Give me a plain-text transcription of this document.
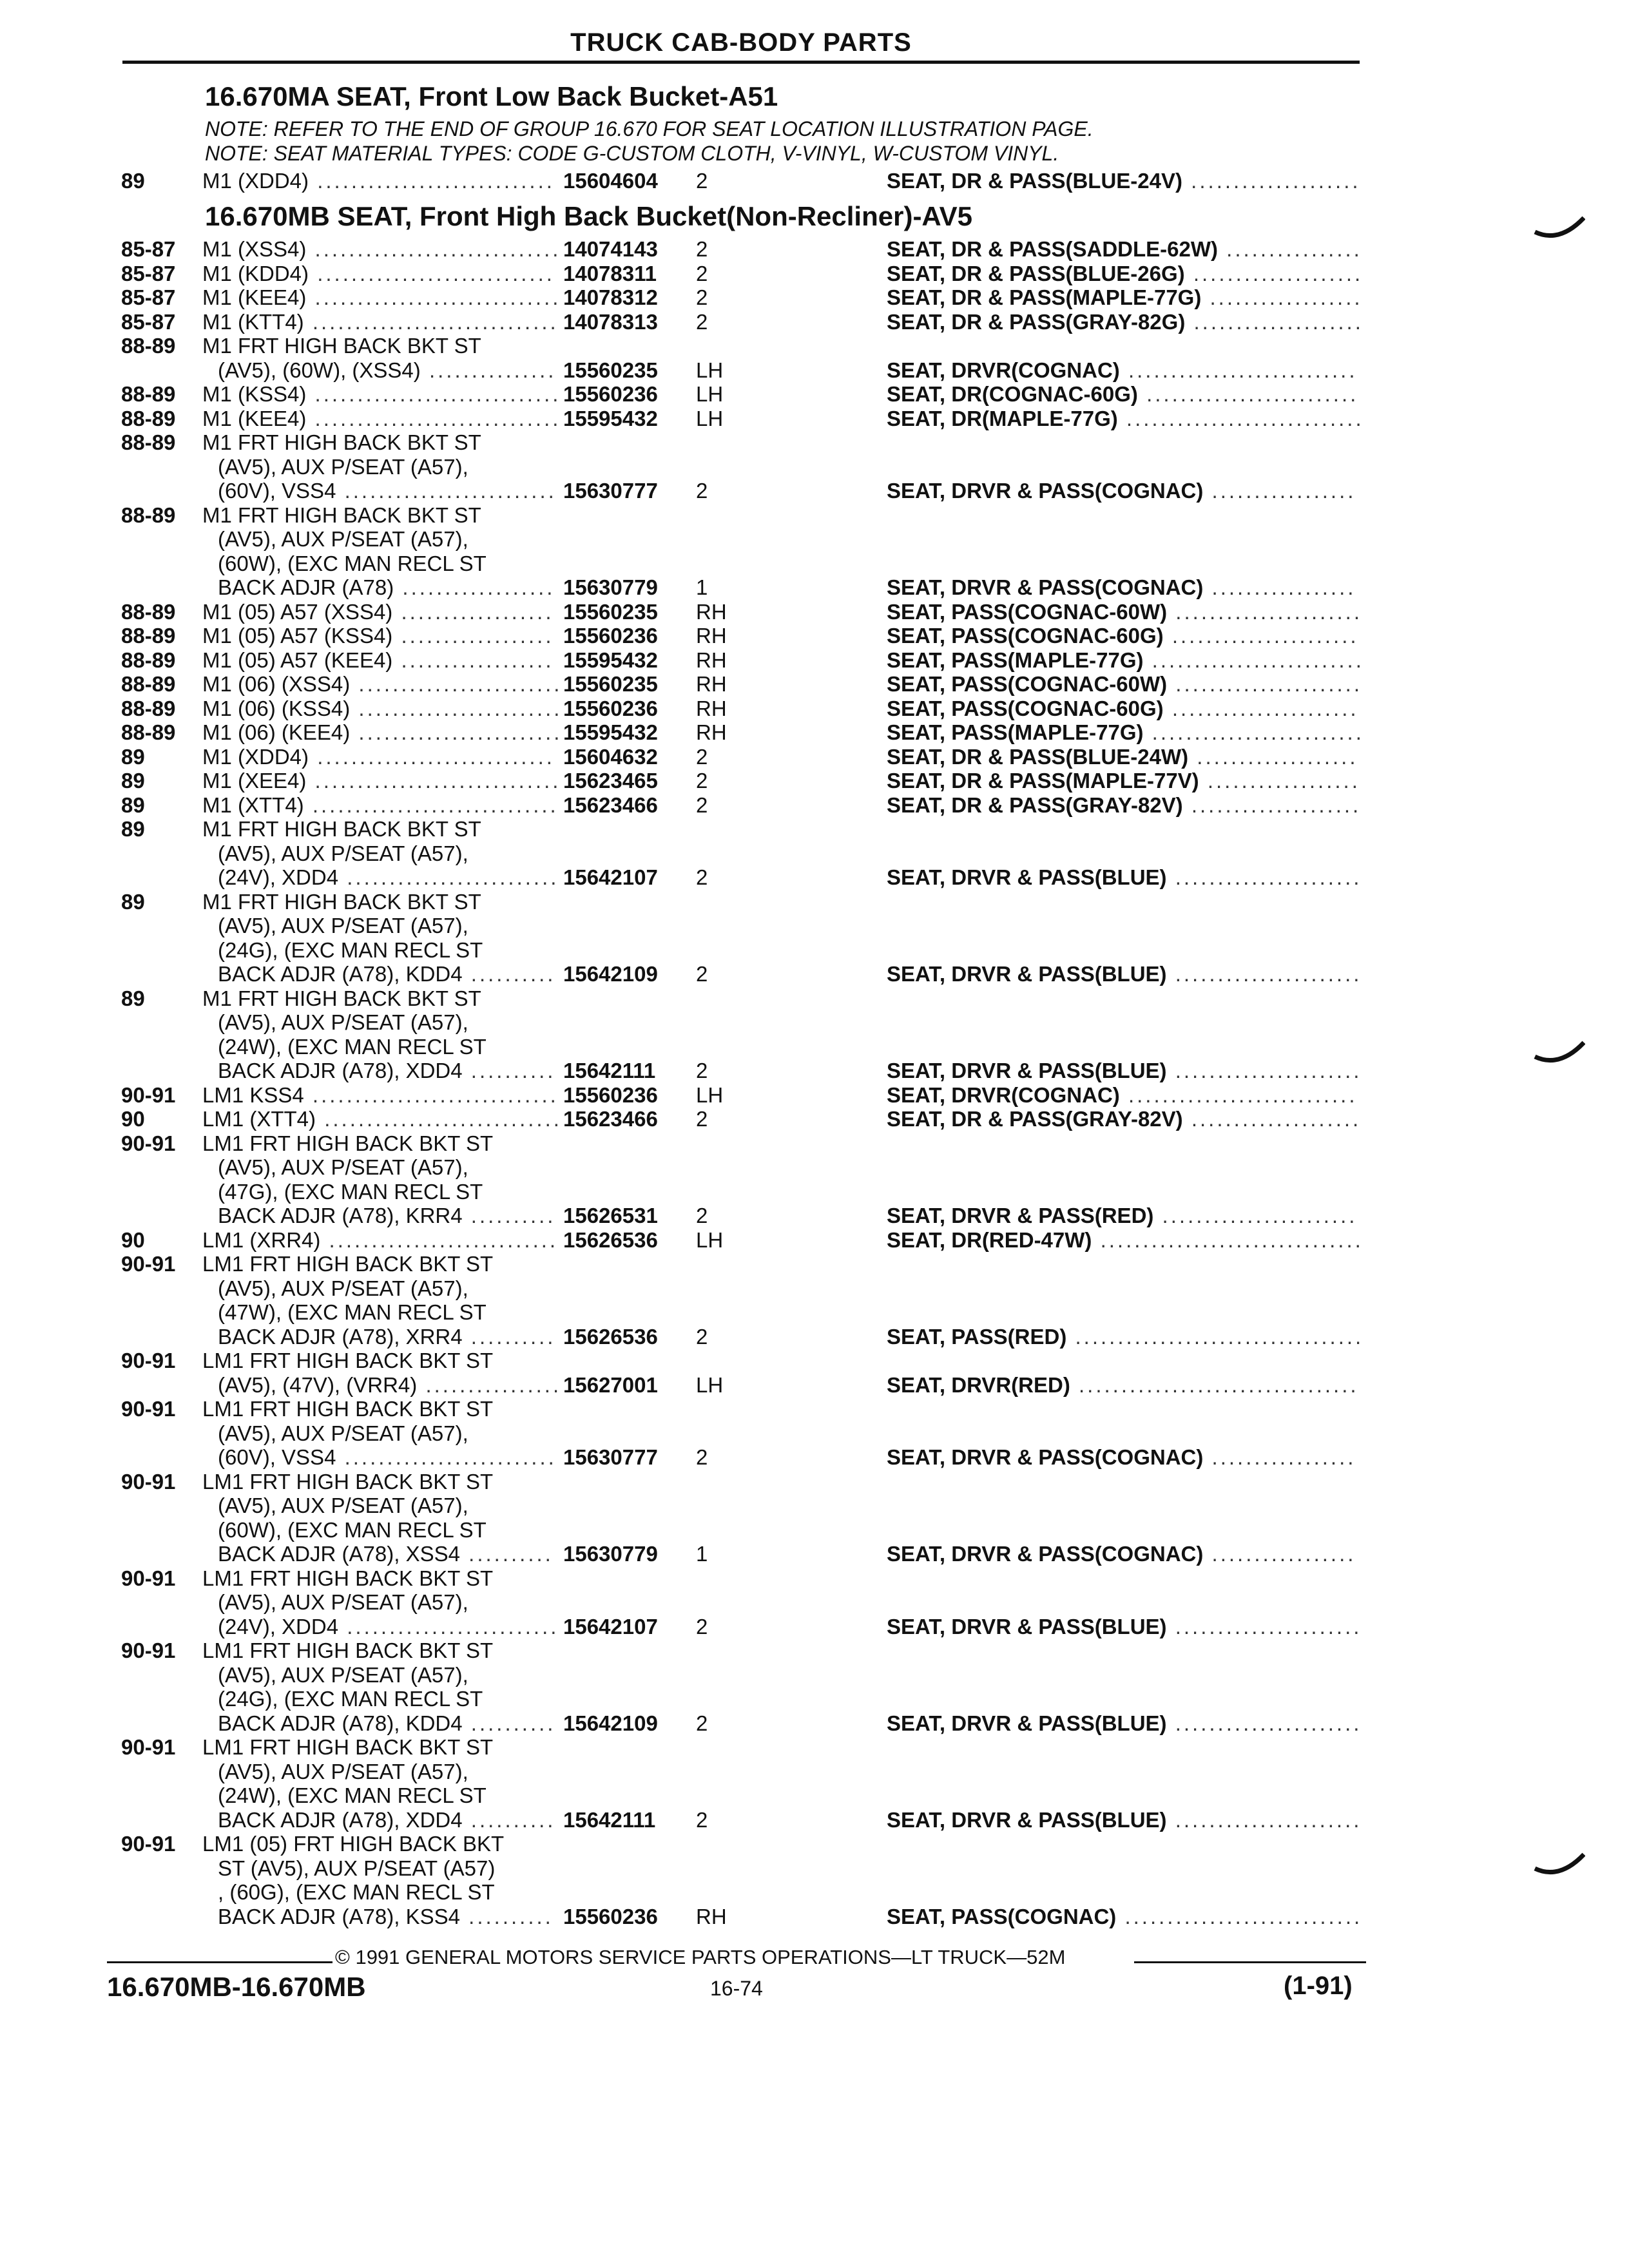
TRUCK CAB-BODY PARTS
16.670MA SEAT, Front Low Back Bucket-A51
NOTE: REFER TO THE END OF GROUP 16.670 FOR SEAT LOCATION ILLUSTRATION PAGE.
NOTE: SEAT MATERIAL TYPES: CODE G-CUSTOM CLOTH, V-VINYL, W-CUSTOM VINYL.
89	M1 (XDD4) ............................ 15604604 2	SEAT, DR & PASS(BLUE-24V) ....................
16.670MB SEAT, Front High Back Bucket(Non-Recliner)-AV5
85-87 M1 (XSS4) ............................. 14074143 2	SEAT, DR & PASS(SADDLE-62W) ................
85-87 M1 (KDD4) ............................ 14078311 2	SEAT, DR & PASS(BLUE-26G) ....................
85-87 M1 (KEE4) ............................. 14078312 2	SEAT, DR & PASS(MAPLE-77G) ..................
85-87 M1 (KTT4) ............................. 14078313 2	SEAT, DR & PASS(GRAY-82G) ....................
88-89 M1 FRT HIGH BACK BKT ST
(AV5), (60W), (XSS4) ............... 15560235 LH	SEAT, DRVR(COGNAC) ...........................
88-89 M1 (KSS4) ............................. 15560236 LH	SEAT, DR(COGNAC-60G) .........................
88-89 M1 (KEE4) ............................. 15595432 LH	SEAT, DR(MAPLE-77G) ............................
88-89 M1 FRT HIGH BACK BKT ST
(AV5), AUX P/SEAT (A57),
(60V), VSS4 ......................... 15630777 2	SEAT, DRVR & PASS(COGNAC) .................
88-89 M1 FRT HIGH BACK BKT ST
(AV5), AUX P/SEAT (A57),
(60W), (EXC MAN RECL ST
BACK ADJR (A78) .................. 15630779 1	SEAT, DRVR & PASS(COGNAC) .................
88-89 M1 (05) A57 (XSS4) .................. 15560235 RH	SEAT, PASS(COGNAC-60W) ......................
88-89 M1 (05) A57 (KSS4) .................. 15560236 RH	SEAT, PASS(COGNAC-60G) ......................
88-89 M1 (05) A57 (KEE4) .................. 15595432 RH	SEAT, PASS(MAPLE-77G) .........................
88-89 M1 (06) (XSS4) ........................ 15560235 RH	SEAT, PASS(COGNAC-60W) ......................
88-89 M1 (06) (KSS4) ........................ 15560236 RH	SEAT, PASS(COGNAC-60G) ......................
88-89 M1 (06) (KEE4) ........................ 15595432 RH	SEAT, PASS(MAPLE-77G) .........................
89	M1 (XDD4) ............................ 15604632 2	SEAT, DR & PASS(BLUE-24W) ...................
89	M1 (XEE4) ............................. 15623465 2	SEAT, DR & PASS(MAPLE-77V) ..................
89	M1 (XTT4) ............................. 15623466 2	SEAT, DR & PASS(GRAY-82V) ....................
89	M1 FRT HIGH BACK BKT ST
(AV5), AUX P/SEAT (A57),
(24V), XDD4 ......................... 15642107 2	SEAT, DRVR & PASS(BLUE) ......................
89	M1 FRT HIGH BACK BKT ST
(AV5), AUX P/SEAT (A57),
(24G), (EXC MAN RECL ST
BACK ADJR (A78), KDD4 .......... 15642109 2	SEAT, DRVR & PASS(BLUE) ......................
89	M1 FRT HIGH BACK BKT ST
(AV5), AUX P/SEAT (A57),
(24W), (EXC MAN RECL ST
BACK ADJR (A78), XDD4 .......... 15642111 2	SEAT, DRVR & PASS(BLUE) ......................
90-91 LM1 KSS4 ............................. 15560236 LH	SEAT, DRVR(COGNAC) ...........................
90	LM1 (XTT4) ............................ 15623466 2	SEAT, DR & PASS(GRAY-82V) ....................
90-91 LM1 FRT HIGH BACK BKT ST
(AV5), AUX P/SEAT (A57),
(47G), (EXC MAN RECL ST
BACK ADJR (A78), KRR4 .......... 15626531 2	SEAT, DRVR & PASS(RED) .......................
90	LM1 (XRR4) ........................... 15626536 LH	SEAT, DR(RED-47W) ...............................
90-91 LM1 FRT HIGH BACK BKT ST
(AV5), AUX P/SEAT (A57),
(47W), (EXC MAN RECL ST
BACK ADJR (A78), XRR4 .......... 15626536 2	SEAT, PASS(RED) ..................................
90-91 LM1 FRT HIGH BACK BKT ST
(AV5), (47V), (VRR4) ................ 15627001 LH	SEAT, DRVR(RED) .................................
90-91 LM1 FRT HIGH BACK BKT ST
(AV5), AUX P/SEAT (A57),
(60V), VSS4 ......................... 15630777 2	SEAT, DRVR & PASS(COGNAC) .................
90-91 LM1 FRT HIGH BACK BKT ST
(AV5), AUX P/SEAT (A57),
(60W), (EXC MAN RECL ST
BACK ADJR (A78), XSS4 .......... 15630779 1	SEAT, DRVR & PASS(COGNAC) .................
90-91 LM1 FRT HIGH BACK BKT ST
(AV5), AUX P/SEAT (A57),
(24V), XDD4 ......................... 15642107 2	SEAT, DRVR & PASS(BLUE) ......................
90-91 LM1 FRT HIGH BACK BKT ST
(AV5), AUX P/SEAT (A57),
(24G), (EXC MAN RECL ST
BACK ADJR (A78), KDD4 .......... 15642109 2	SEAT, DRVR & PASS(BLUE) ......................
90-91 LM1 FRT HIGH BACK BKT ST
(AV5), AUX P/SEAT (A57),
(24W), (EXC MAN RECL ST
BACK ADJR (A78), XDD4 .......... 15642111 2	SEAT, DRVR & PASS(BLUE) ......................
90-91 LM1 (05) FRT HIGH BACK BKT
ST (AV5), AUX P/SEAT (A57)
, (60G), (EXC MAN RECL ST
BACK ADJR (A78), KSS4 .......... 15560236 RH	SEAT, PASS(COGNAC) ............................
© 1991 GENERAL MOTORS SERVICE PARTS OPERATIONS—LT TRUCK—52M
16.670MB-16.670MB	16-74	(1-91)
